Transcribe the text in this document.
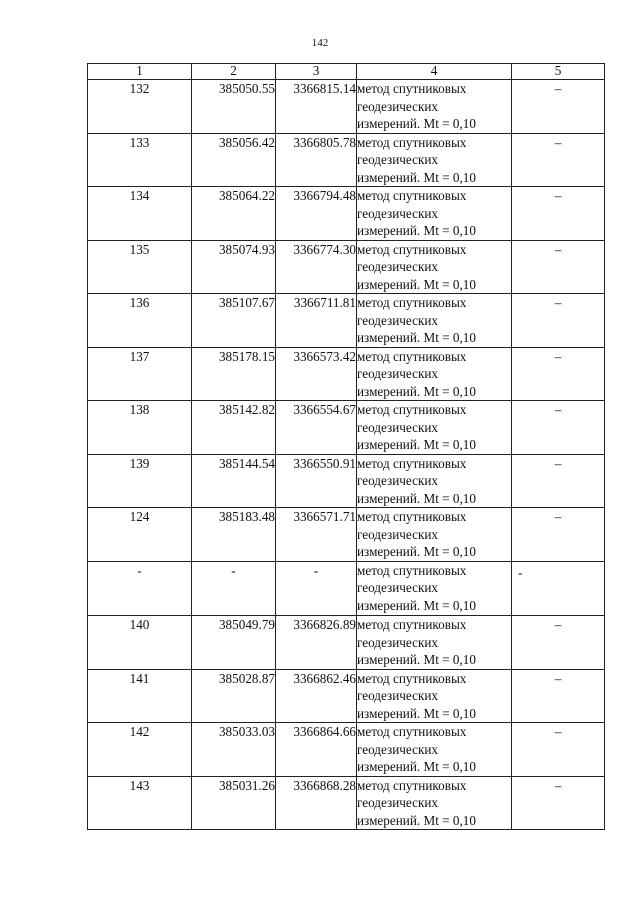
142
1	2	3	4	5
132	385050.55	3366815.14	метод спутниковых
геодезических
измерений. Mt = 0,10	–
133	385056.42	3366805.78	метод спутниковых
геодезических
измерений. Mt = 0,10	–
134	385064.22	3366794.48	метод спутниковых
геодезических
измерений. Mt = 0,10	–
135	385074.93	3366774.30	метод спутниковых
геодезических
измерений. Mt = 0,10	–
136	385107.67	3366711.81	метод спутниковых
геодезических
измерений. Mt = 0,10	–
137	385178.15	3366573.42	метод спутниковых
геодезических
измерений. Mt = 0,10	–
138	385142.82	3366554.67	метод спутниковых
геодезических
измерений. Mt = 0,10	–
139	385144.54	3366550.91	метод спутниковых
геодезических
измерений. Mt = 0,10	–
124	385183.48	3366571.71	метод спутниковых
геодезических
измерений. Mt = 0,10	–
-	-	-	метод спутниковых
геодезических
измерений. Mt = 0,10	-
140	385049.79	3366826.89	метод спутниковых
геодезических
измерений. Mt = 0,10	–
141	385028.87	3366862.46	метод спутниковых
геодезических
измерений. Mt = 0,10	–
142	385033.03	3366864.66	метод спутниковых
геодезических
измерений. Mt = 0,10	–
143	385031.26	3366868.28	метод спутниковых
геодезических
измерений. Mt = 0,10	–
